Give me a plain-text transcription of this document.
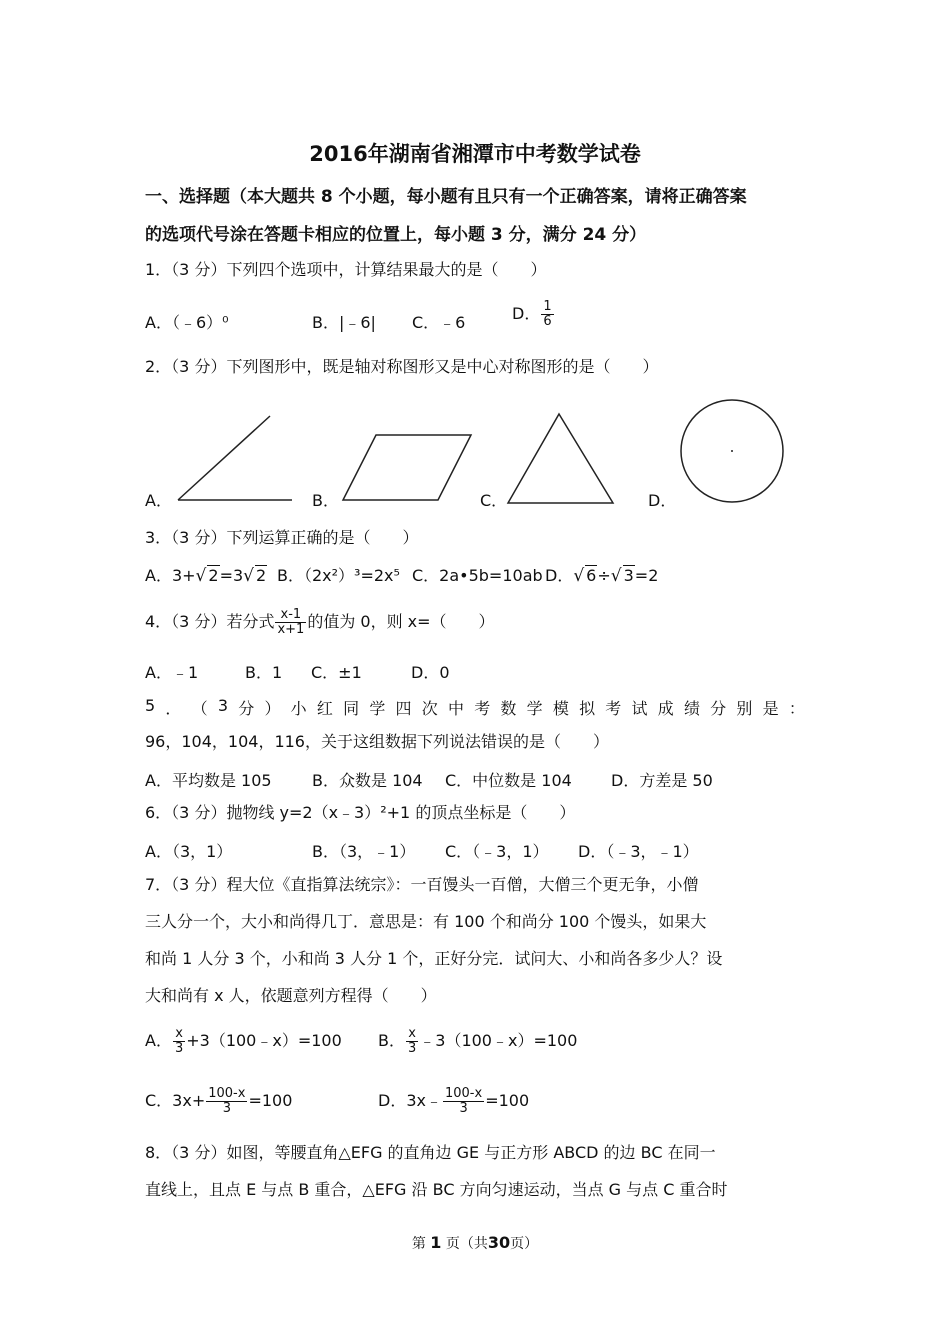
2016年湖南省湘潭市中考数学试卷
一、选择题（本大题共 8 个小题，每小题有且只有一个正确答案，请将正确答案
的选项代号涂在答题卡相应的位置上，每小题 3 分，满分 24 分）
1．（3 分）下列四个选项中，计算结果最大的是（　　）
A．（﹣6）⁰	B．|﹣6| C．﹣6	D． $\frac{1}{6}$
2．（3 分）下列图形中，既是轴对称图形又是中心对称图形的是（　　）
A．	B．	C．	D．
3．（3 分）下列运算正确的是（　　）
A．3+√ 2=3√ 2 B．（2x²）³=2x⁵ C．2a•5b=10ab D．√ 6÷√ 3=2
4．（3 分）若分式 $\frac{x-1}{x+1}$ 的值为 0，则 x=（　　）
A．﹣1	B．1 C．±1	D．0
5 ． （ 3 分 ） 小 红 同 学 四 次 中 考 数 学 模 拟 考 试 成 绩 分 别 是 ：
96，104，104，116，关于这组数据下列说法错误的是（　　）
A．平均数是 105	B．众数是 104 C．中位数是 104 D．方差是 50
6．（3 分）抛物线 y=2（x﹣3）²+1 的顶点坐标是（　　）
A．（3，1）	B．（3，﹣1） C．（﹣3，1） D．（﹣3，﹣1）
7．（3 分）程大位《直指算法统宗》：一百馒头一百僧，大僧三个更无争，小僧
三人分一个，大小和尚得几丁．意思是：有 100 个和尚分 100 个馒头，如果大
和尚 1 人分 3 个，小和尚 3 人分 1 个，正好分完．试问大、小和尚各多少人？设
大和尚有 x 人，依题意列方程得（　　）
A． $\frac{x}{3}$ +3（100﹣x）=100 B． $\frac{x}{3}$ ﹣3（100﹣x）=100
C．$3x+ \frac{100-x}{3} =100$	D．3x﹣ $\frac{100-x}{3} =100$
8．（3 分）如图，等腰直角△EFG 的直角边 GE 与正方形 ABCD 的边 BC 在同一
直线上，且点 E 与点 B 重合，△EFG 沿 BC 方向匀速运动，当点 G 与点 C 重合时
第 1 页（共30页）
